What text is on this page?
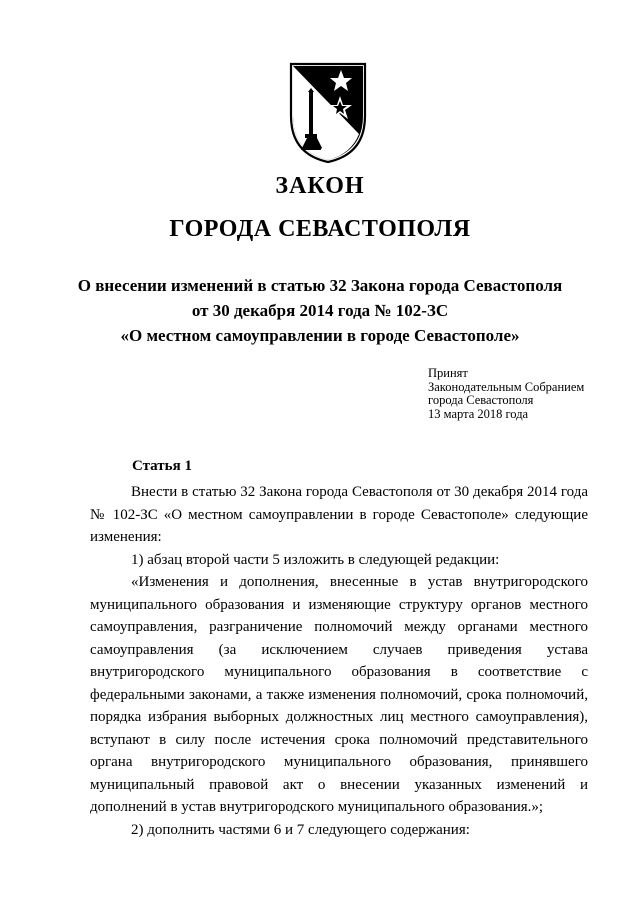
ЗАКОН
ГОРОДА СЕВАСТОПОЛЯ
О внесении изменений в статью 32 Закона города Севастополя
от 30 декабря 2014 года № 102-ЗС
«О местном самоуправлении в городе Севастополе»
Принят
Законодательным Собранием
города Севастополя
13 марта 2018 года
Статья 1

Внести в статью 32 Закона города Севастополя от 30 декабря 2014 года № 102-ЗС «О местном самоуправлении в городе Севастополе» следующие изменения:

1) абзац второй части 5 изложить в следующей редакции:

«Изменения и дополнения, внесенные в устав внутригородского муниципального образования и изменяющие структуру органов местного самоуправления, разграничение полномочий между органами местного самоуправления (за исключением случаев приведения устава внутригородского муниципального образования в соответствие с федеральными законами, а также изменения полномочий, срока полномочий, порядка избрания выборных должностных лиц местного самоуправления), вступают в силу после истечения срока полномочий представительного органа внутригородского муниципального образования, принявшего муниципальный правовой акт о внесении указанных изменений и дополнений в устав внутригородского муниципального образования.»;

2) дополнить частями 6 и 7 следующего содержания:
